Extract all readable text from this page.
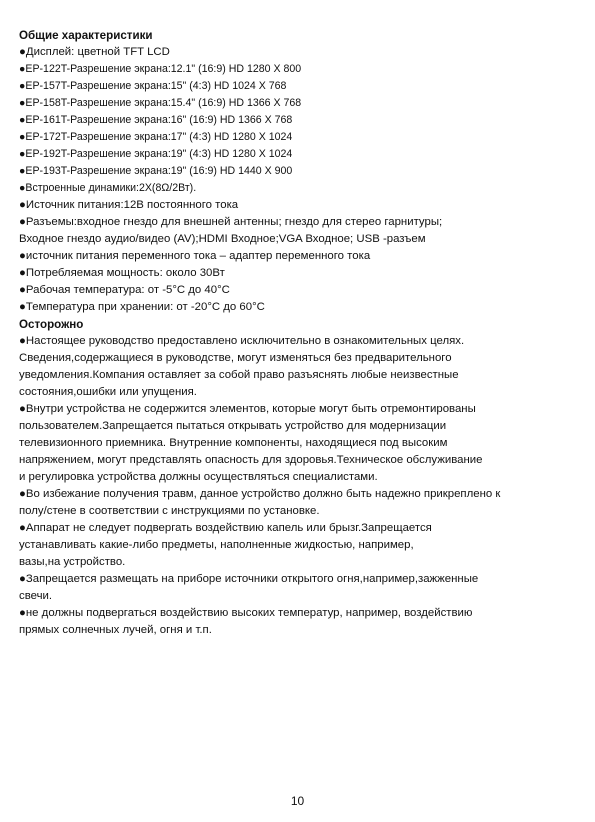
Общие характеристики
●Дисплей: цветной TFT LCD
●EP-122T-Разрешение экрана:12.1" (16:9) HD 1280 X 800
●EP-157T-Разрешение экрана:15" (4:3) HD 1024 X 768
●EP-158T-Разрешение экрана:15.4" (16:9) HD 1366 X 768
●EP-161T-Разрешение экрана:16" (16:9) HD 1366 X 768
●EP-172T-Разрешение экрана:17" (4:3) HD 1280 X 1024
●EP-192T-Разрешение экрана:19" (4:3) HD 1280 X 1024
●EP-193T-Разрешение экрана:19" (16:9) HD 1440 X 900
●Встроенные динамики:2Х(8Ω/2Вт).
●Источник питания:12В постоянного тока
●Разъемы:входное гнездо для внешней антенны; гнездо для стерео гарнитуры;
Входное гнездо аудио/видео (AV);HDMI Входное;VGA Входное; USB -разъем
●источник питания переменного тока – адаптер переменного тока
●Потребляемая мощность: около 30Вт
●Рабочая температура: от -5°C до 40°C
●Температура при хранении: от -20°C до 60°C
Осторожно
●Настоящее руководство предоставлено исключительно в ознакомительных целях.
Сведения,содержащиеся в руководстве, могут изменяться без предварительного
уведомления.Компания оставляет за собой право разъяснять любые неизвестные
состояния,ошибки или упущения.
●Внутри устройства не содержится элементов, которые могут быть отремонтированы
пользователем.Запрещается пытаться открывать устройство для модернизации
телевизионного приемника. Внутренние компоненты, находящиеся под высоким
напряжением, могут представлять опасность для здоровья.Техническое обслуживание
и регулировка устройства должны осуществляться специалистами.
●Во избежание получения травм, данное устройство должно быть надежно прикреплено к
полу/стене в соответствии с инструкциями по установке.
●Аппарат не следует подвергать воздействию капель или брызг.Запрещается
устанавливать какие-либо предметы, наполненные жидкостью, например,
вазы,на устройство.
●Запрещается размещать на приборе источники открытого огня,например,зажженные
свечи.
●не должны подвергаться воздействию высоких температур, например, воздействию
прямых солнечных лучей, огня и т.п.
10
